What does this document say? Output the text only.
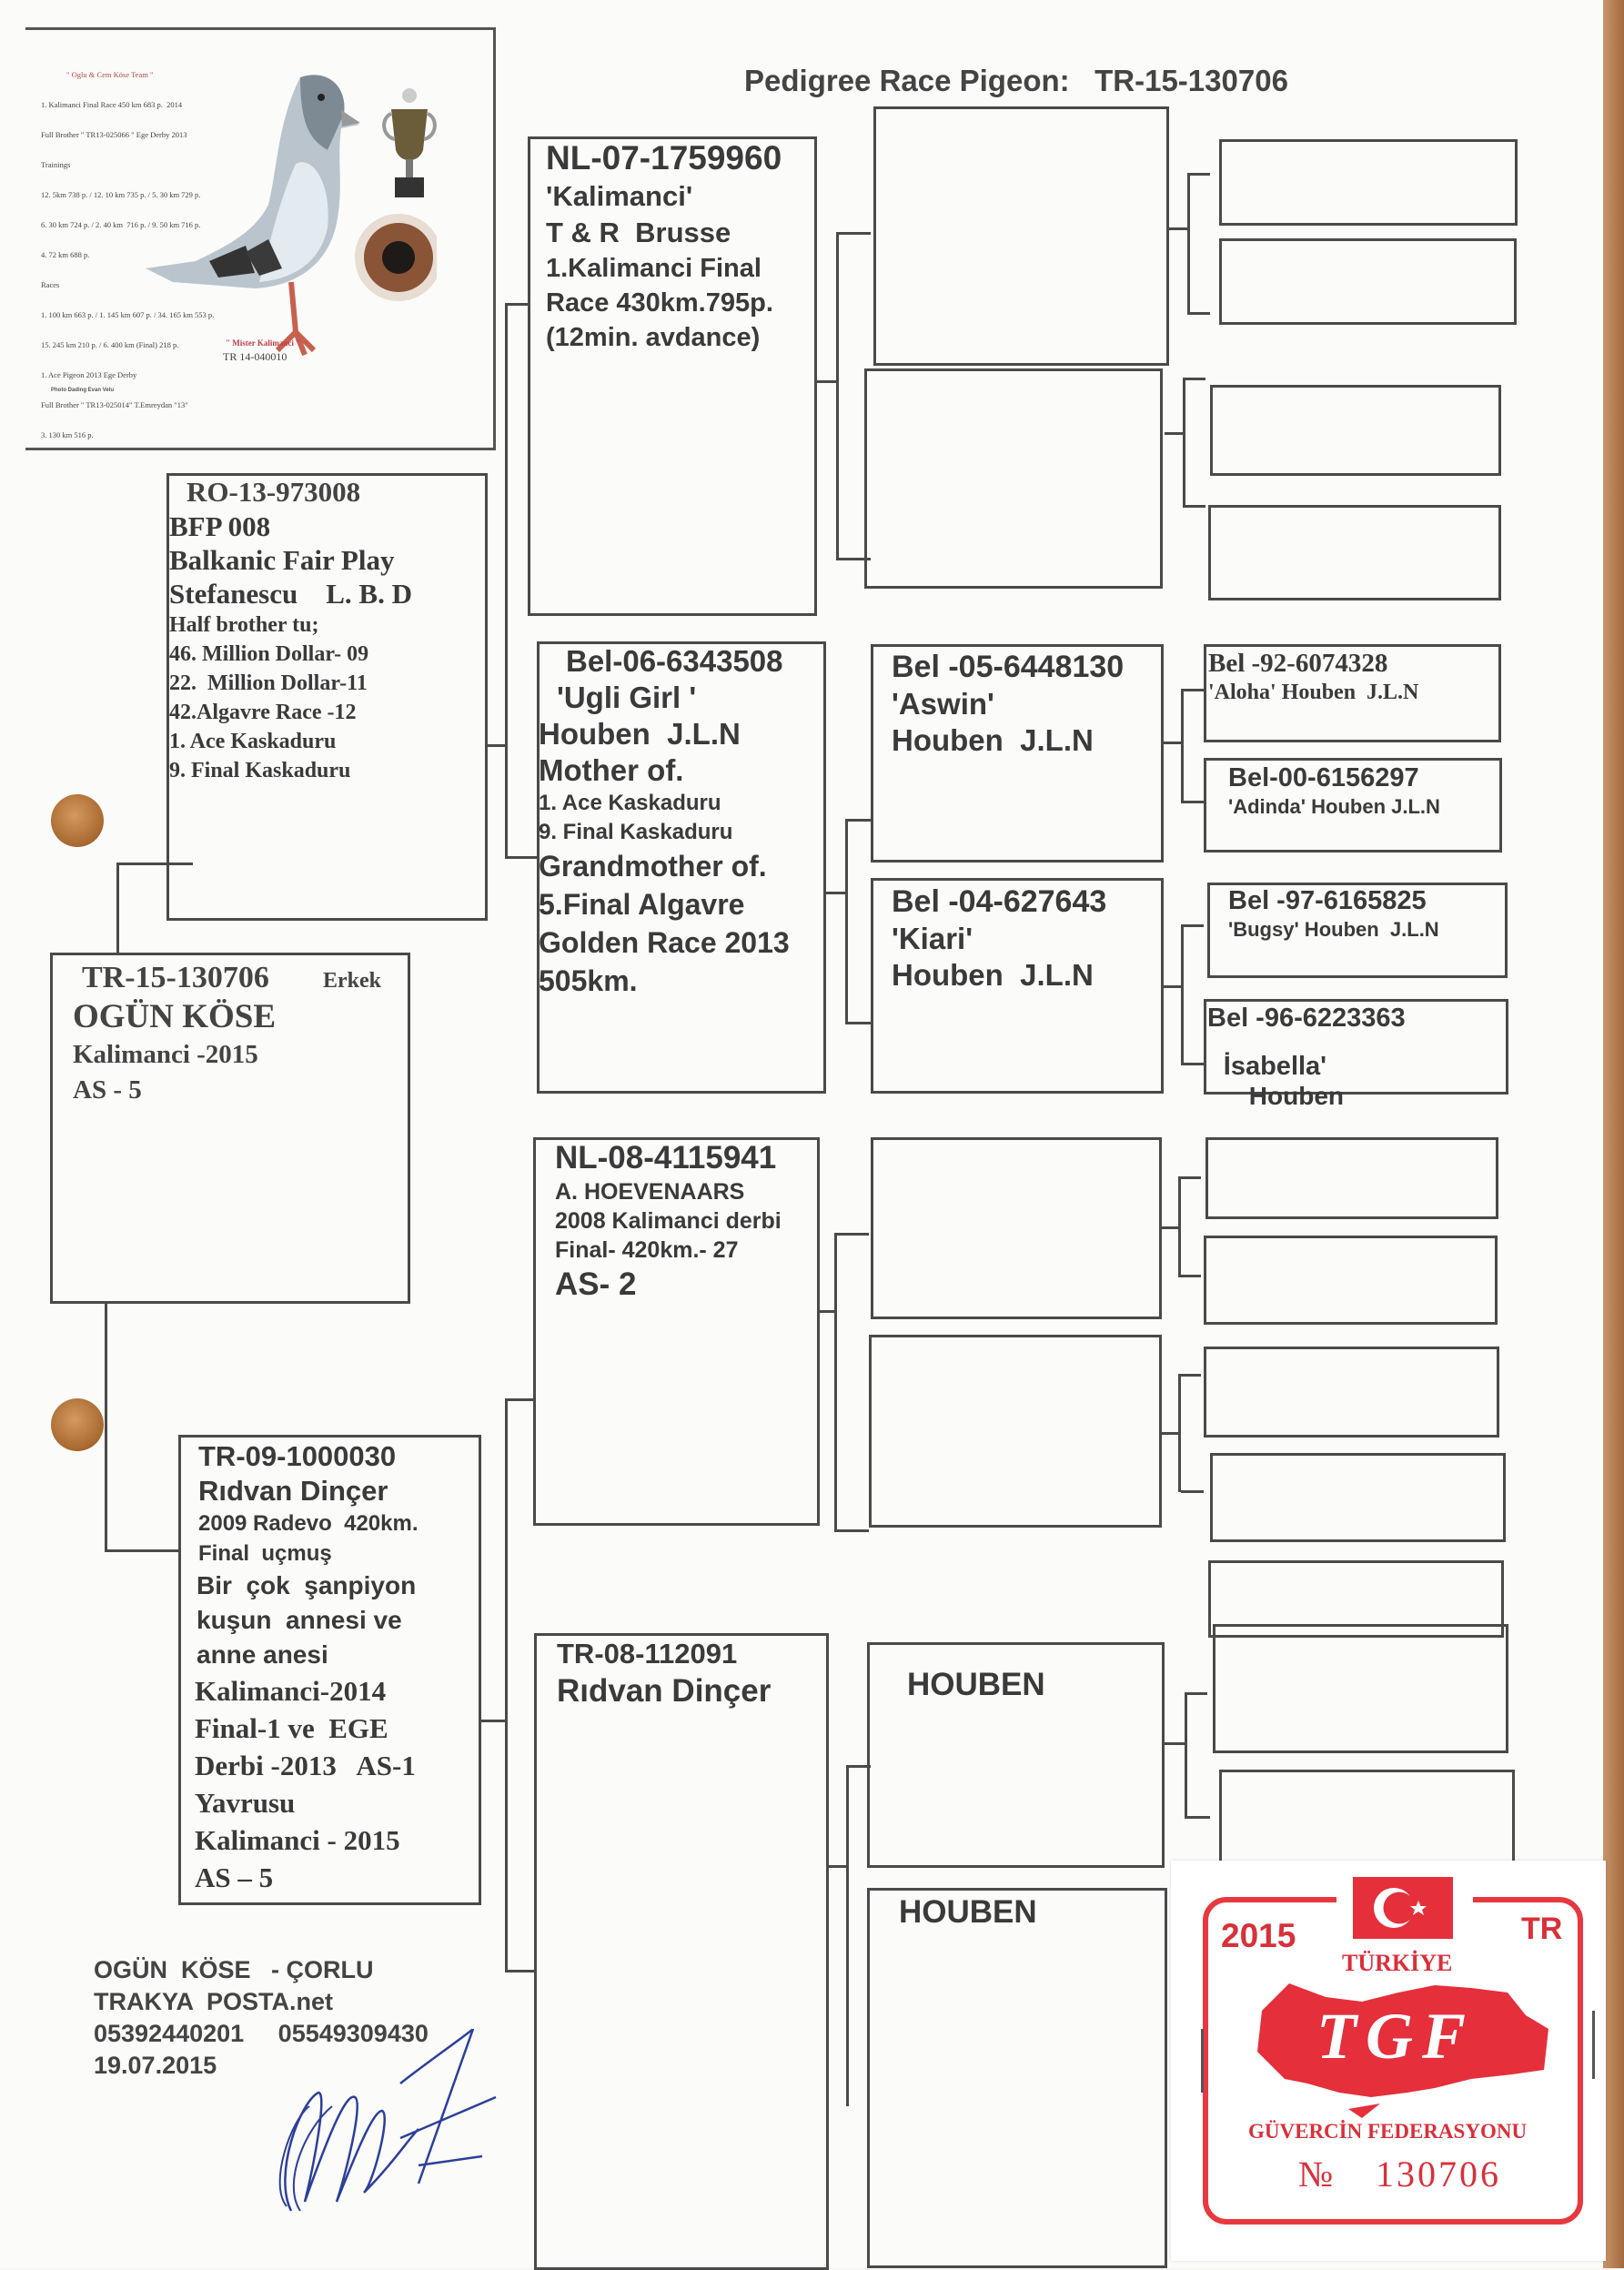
Pedigree Race Pigeon:   TR-15-130706

" Oglu & Cem Köse Team "

1. Kalimanci Final Race 450 km 683 p.  2014

Full Brother " TR13-025066 " Ege Derby 2013

Trainings

12. 5km 738 p. / 12. 10 km 735 p. / 5. 30 km 729 p.

6. 30 km 724 p. / 2. 40 km  716 p. / 9. 50 km 716 p.

4. 72 km 688 p.

Races

1. 100 km 663 p. / 1. 145 km 607 p. / 34. 165 km 553 p.

15. 245 km 210 p. / 6. 400 km (Final) 218 p.

1. Ace Pigeon 2013 Ege Derby

Full Brother " TR13-025014" T.Emreydan "13"

3. 130 km 516 p.

" Mister Kalimanci "
TR 14-040010
Photo Dading Evan Velu
TR-15-130706 Erkek
OGÜN KÖSE
Kalimanci -2015
AS - 5
RO-13-973008
BFP 008
Balkanic Fair Play
Stefanescu    L. B. D
Half brother tu;
46. Million Dollar- 09
22.  Million Dollar-11
42.Algavre Race -12
1. Ace Kaskaduru
9. Final Kaskaduru
TR-09-1000030
Rıdvan Dinçer
2009 Radevo  420km.
Final  uçmuş
Bir  çok  şanpiyon
kuşun  annesi ve
anne anesi
Kalimanci-2014
Final-1 ve  EGE
Derbi -2013   AS-1
Yavrusu
Kalimanci - 2015
AS – 5
NL-07-1759960
'Kalimanci'
T & R  Brusse
1.Kalimanci Final
Race 430km.795p.
(12min. avdance)
Bel-06-6343508
'Ugli Girl '
Houben  J.L.N
Mother of.
1. Ace Kaskaduru
9. Final Kaskaduru
Grandmother of.
5.Final Algavre
Golden Race 2013
505km.
NL-08-4115941
A. HOEVENAARS
2008 Kalimanci derbi
Final- 420km.- 27
AS- 2
TR-08-112091
Rıdvan Dinçer
Bel -05-6448130
'Aswin'
Houben  J.L.N
Bel -04-627643
'Kiari'
Houben  J.L.N
HOUBEN
HOUBEN
Bel -92-6074328
'Aloha' Houben  J.L.N
Bel-00-6156297
'Adinda' Houben J.L.N
Bel -97-6165825
'Bugsy' Houben  J.L.N
Bel -96-6223363

İsabella'
Houben

OGÜN  KÖSE   - ÇORLU
TRAKYA  POSTA.net
05392440201     05549309430
19.07.2015
2015	TR
TÜRKİYE
TGF
GÜVERCİN FEDERASYONU
№ 130706
